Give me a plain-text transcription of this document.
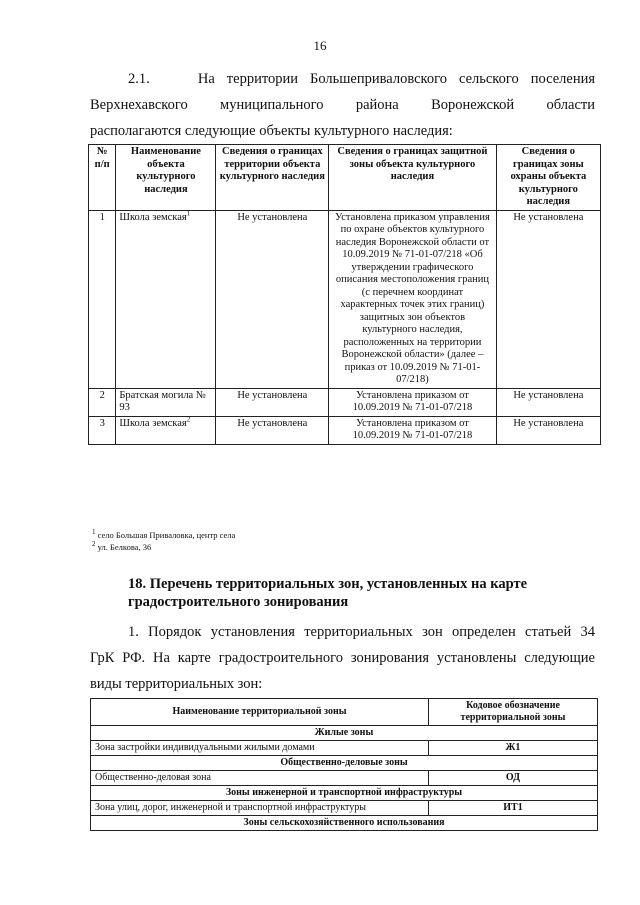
16
2.1.	На территории Большеприваловского сельского поселения
Верхнехавского муниципального района Воронежской области
располагаются следующие объекты культурного наследия:
№ п/п	Наименование объекта культурного наследия	Сведения о границах территории объекта культурного наследия	Сведения о границах защитной зоны объекта культурного наследия	Сведения о границах зоны охраны объекта культурного наследия
1	Школа земская$^1$	Не установлена	Установлена приказом управления по охране объектов культурного наследия Воронежской области от 10.09.2019 № 71-01-07/218 «Об утверждении графического описания местоположения границ (с перечнем координат характерных точек этих границ) защитных зон объектов культурного наследия, расположенных на территории Воронежской области» (далее – приказ от 10.09.2019 № 71-01-07/218)	Не установлена
2	Братская могила № 93	Не установлена	Установлена приказом от 10.09.2019 № 71-01-07/218	Не установлена
3	Школа земская$^2$	Не установлена	Установлена приказом от 10.09.2019 № 71-01-07/218	Не установлена
$^1$ село Большая Приваловка, центр села
$^2$ ул. Белкова, 36
18. Перечень территориальных зон, установленных на карте градостроительного зонирования
1. Порядок установления территориальных зон определен статьей 34
ГрК РФ. На карте градостроительного зонирования установлены следующие
виды территориальных зон:
Наименование территориальной зоны	Кодовое обозначение территориальной зоны
Жилые зоны	
Зона застройки индивидуальными жилыми домами	Ж1
Общественно-деловые зоны	
Общественно-деловая зона	ОД
Зоны инженерной и транспортной инфраструктуры	
Зона улиц, дорог, инженерной и транспортной инфраструктуры	ИТ1
Зоны сельскохозяйственного использования	
